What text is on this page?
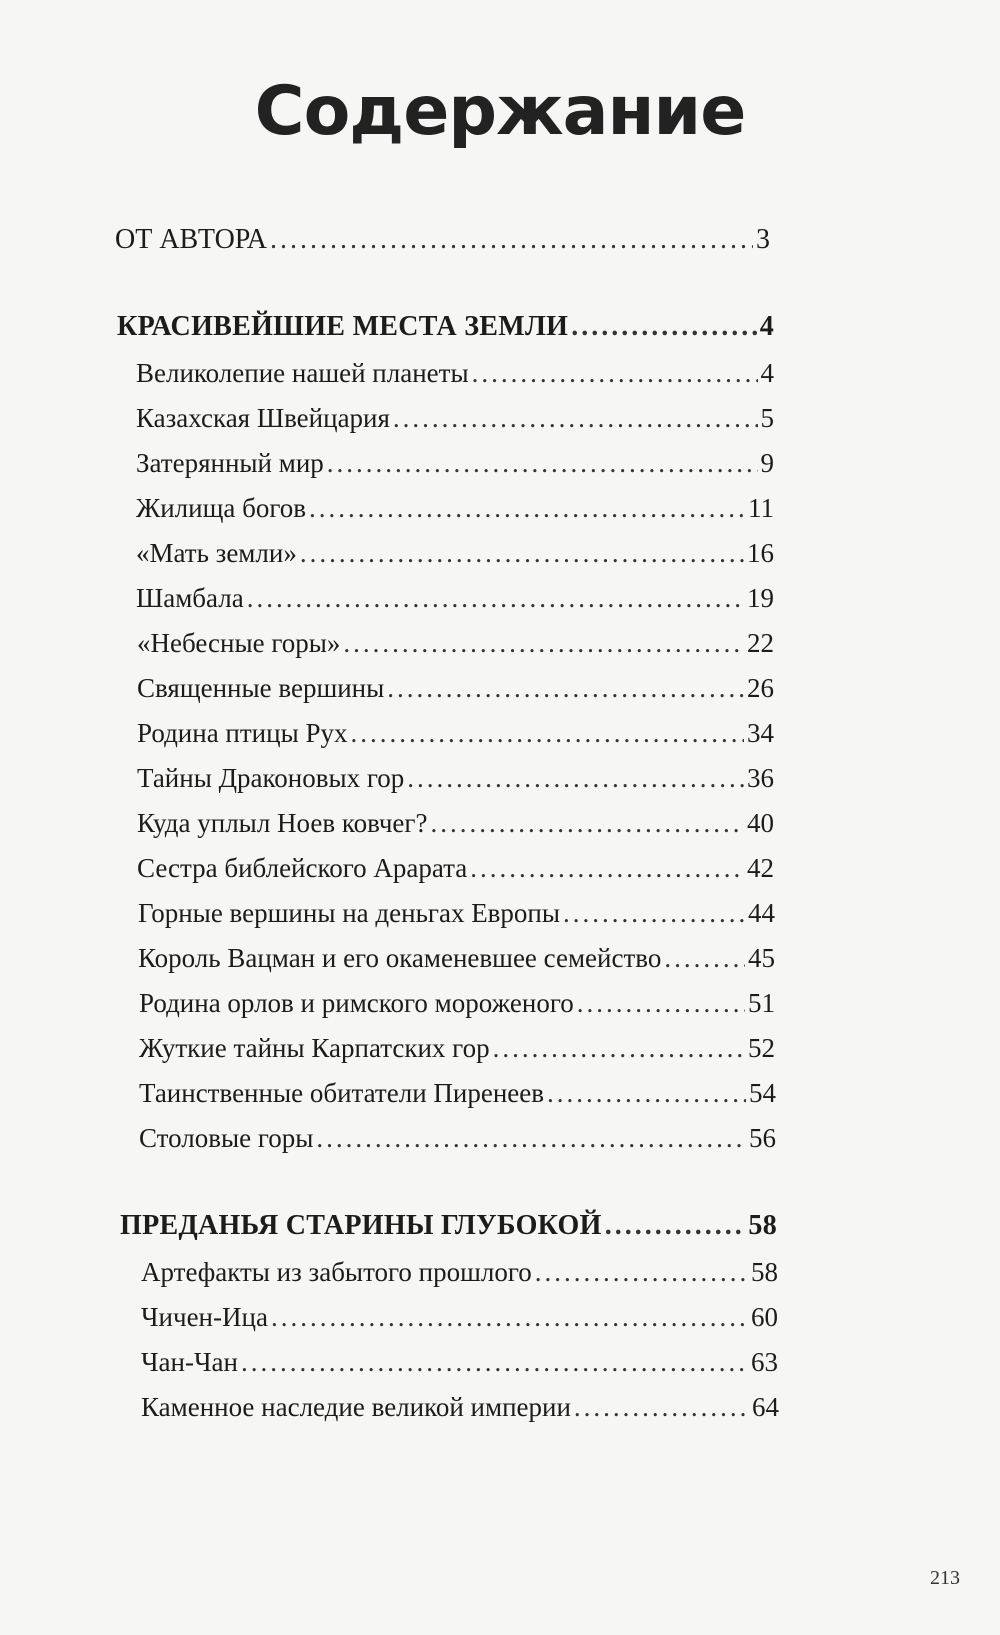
Содержание
ОТ АВТОРА .....	3
КРАСИВЕЙШИЕ МЕСТА ЗЕМЛИ .....	4
Великолепие нашей планеты .....	4
Казахская Швейцария .....	5
Затерянный мир .....	9
Жилища богов .....	11
«Мать земли» .....	16
Шамбала .....	19
«Небесные горы» .....	22
Священные вершины .....	26
Родина птицы Рух .....	34
Тайны Драконовых гор .....	36
Куда уплыл Ноев ковчег? .....	40
Сестра библейского Арарата .....	42
Горные вершины на деньгах Европы .....	44
Король Вацман и его окаменевшее семейство .....	45
Родина орлов и римского мороженого .....	51
Жуткие тайны Карпатских гор .....	52
Таинственные обитатели Пиренеев .....	54
Столовые горы .....	56
ПРЕДАНЬЯ СТАРИНЫ ГЛУБОКОЙ .....	58
Артефакты из забытого прошлого .....	58
Чичен-Ица .....	60
Чан-Чан .....	63
Каменное наследие великой империи .....	64
213
